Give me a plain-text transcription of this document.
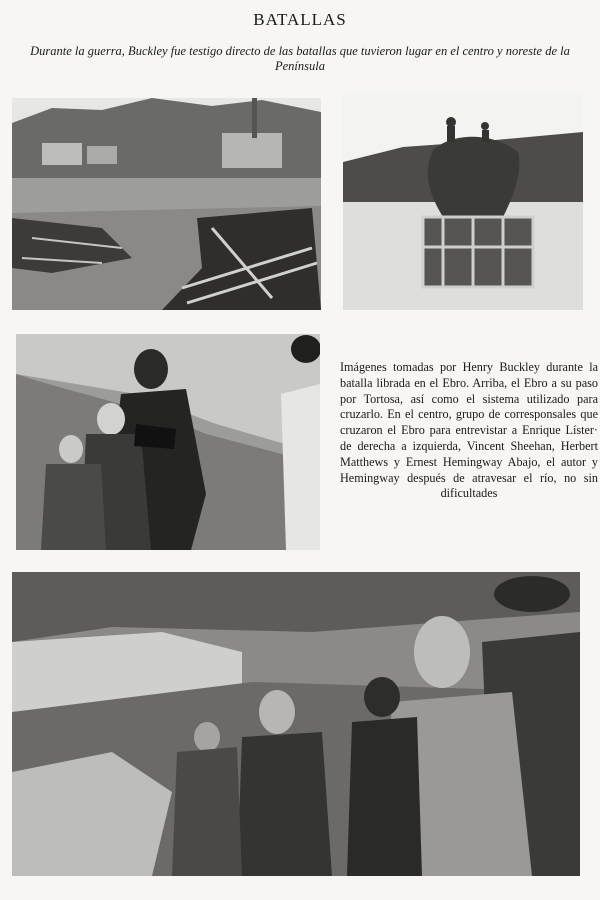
BATALLAS
Durante la guerra, Buckley fue testigo directo de las batallas que tuvieron lugar en el centro y noreste de la Península
Imágenes tomadas por Henry Buckley durante la batalla librada en el Ebro. Arriba, el Ebro a su paso por Tortosa, así como el sistema utilizado para cruzarlo. En el centro, grupo de corresponsales que cruzaron el Ebro para entrevistar a Enrique Líster· de derecha a izquierda, Vincent Sheehan, Herbert Matthews y Ernest Hemingway Abajo, el autor y Hemingway después de atravesar el río, no sin dificultades
